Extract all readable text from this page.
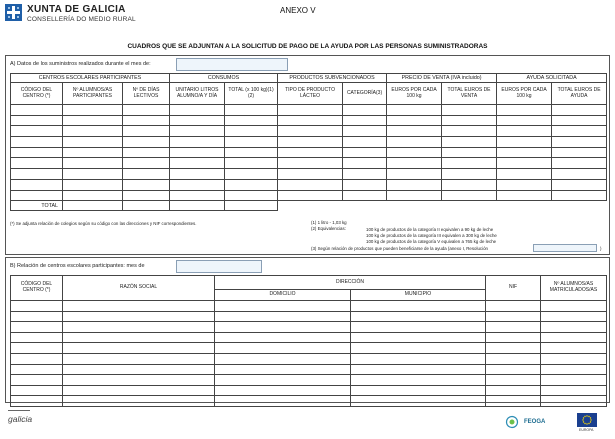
XUNTA DE GALICIA
CONSELLERÍA DO MEDIO RURAL
ANEXO V
CUADROS QUE SE ADJUNTAN A LA SOLICITUD DE PAGO DE LA AYUDA POR LAS PERSONAS SUMINISTRADORAS
A) Datos de los suministros realizados durante el mes de:
CENTROS ESCOLARES PARTICIPANTES			CONSUMOS		PRODUCTOS SUBVENCIONADOS		PRECIO DE VENTA (IVA incluido)		AYUDA SOLICITADA	
CÓDIGO DEL CENTRO (*)	Nº ALUMNOS/AS PARTICIPANTES	Nº DE DÍAS LECTIVOS	UNITARIO LITROS ALUMNO/A Y DÍA	TOTAL (x 100 kg)(1)(2)	TIPO DE PRODUCTO LÁCTEO	CATEGORÍA(3)	EUROS POR CADA 100 kg	TOTAL EUROS DE VENTA	EUROS POR CADA 100 kg	TOTAL EUROS DE AYUDA

TOTAL										
(*) Se adjunta relación de colegios según su código con las direcciones y NIF correspondientes.	(1) 1 litro - 1,03 kg
(2) Equivalencias:	100 kg de productos de la categoría II equivalen a 90 kg de leche
100 kg de productos de la categoría III equivalen a 300 kg de leche
100 kg de productos de la categoría V equivalen a 765 kg de leche
(3) Según relación de productos que pueden beneficiarse de la ayuda (anexo I, Resolución	)
B) Relación de centros escolares participantes: mes de
CÓDIGO DEL CENTRO (*)	RAZÓN SOCIAL	DIRECCIÓN		NIF	Nº ALUMNOS/AS MATRICULADOS/AS
		DOMICILIO	MUNICIPIO		

galicia	FEOGA
EUROPA
